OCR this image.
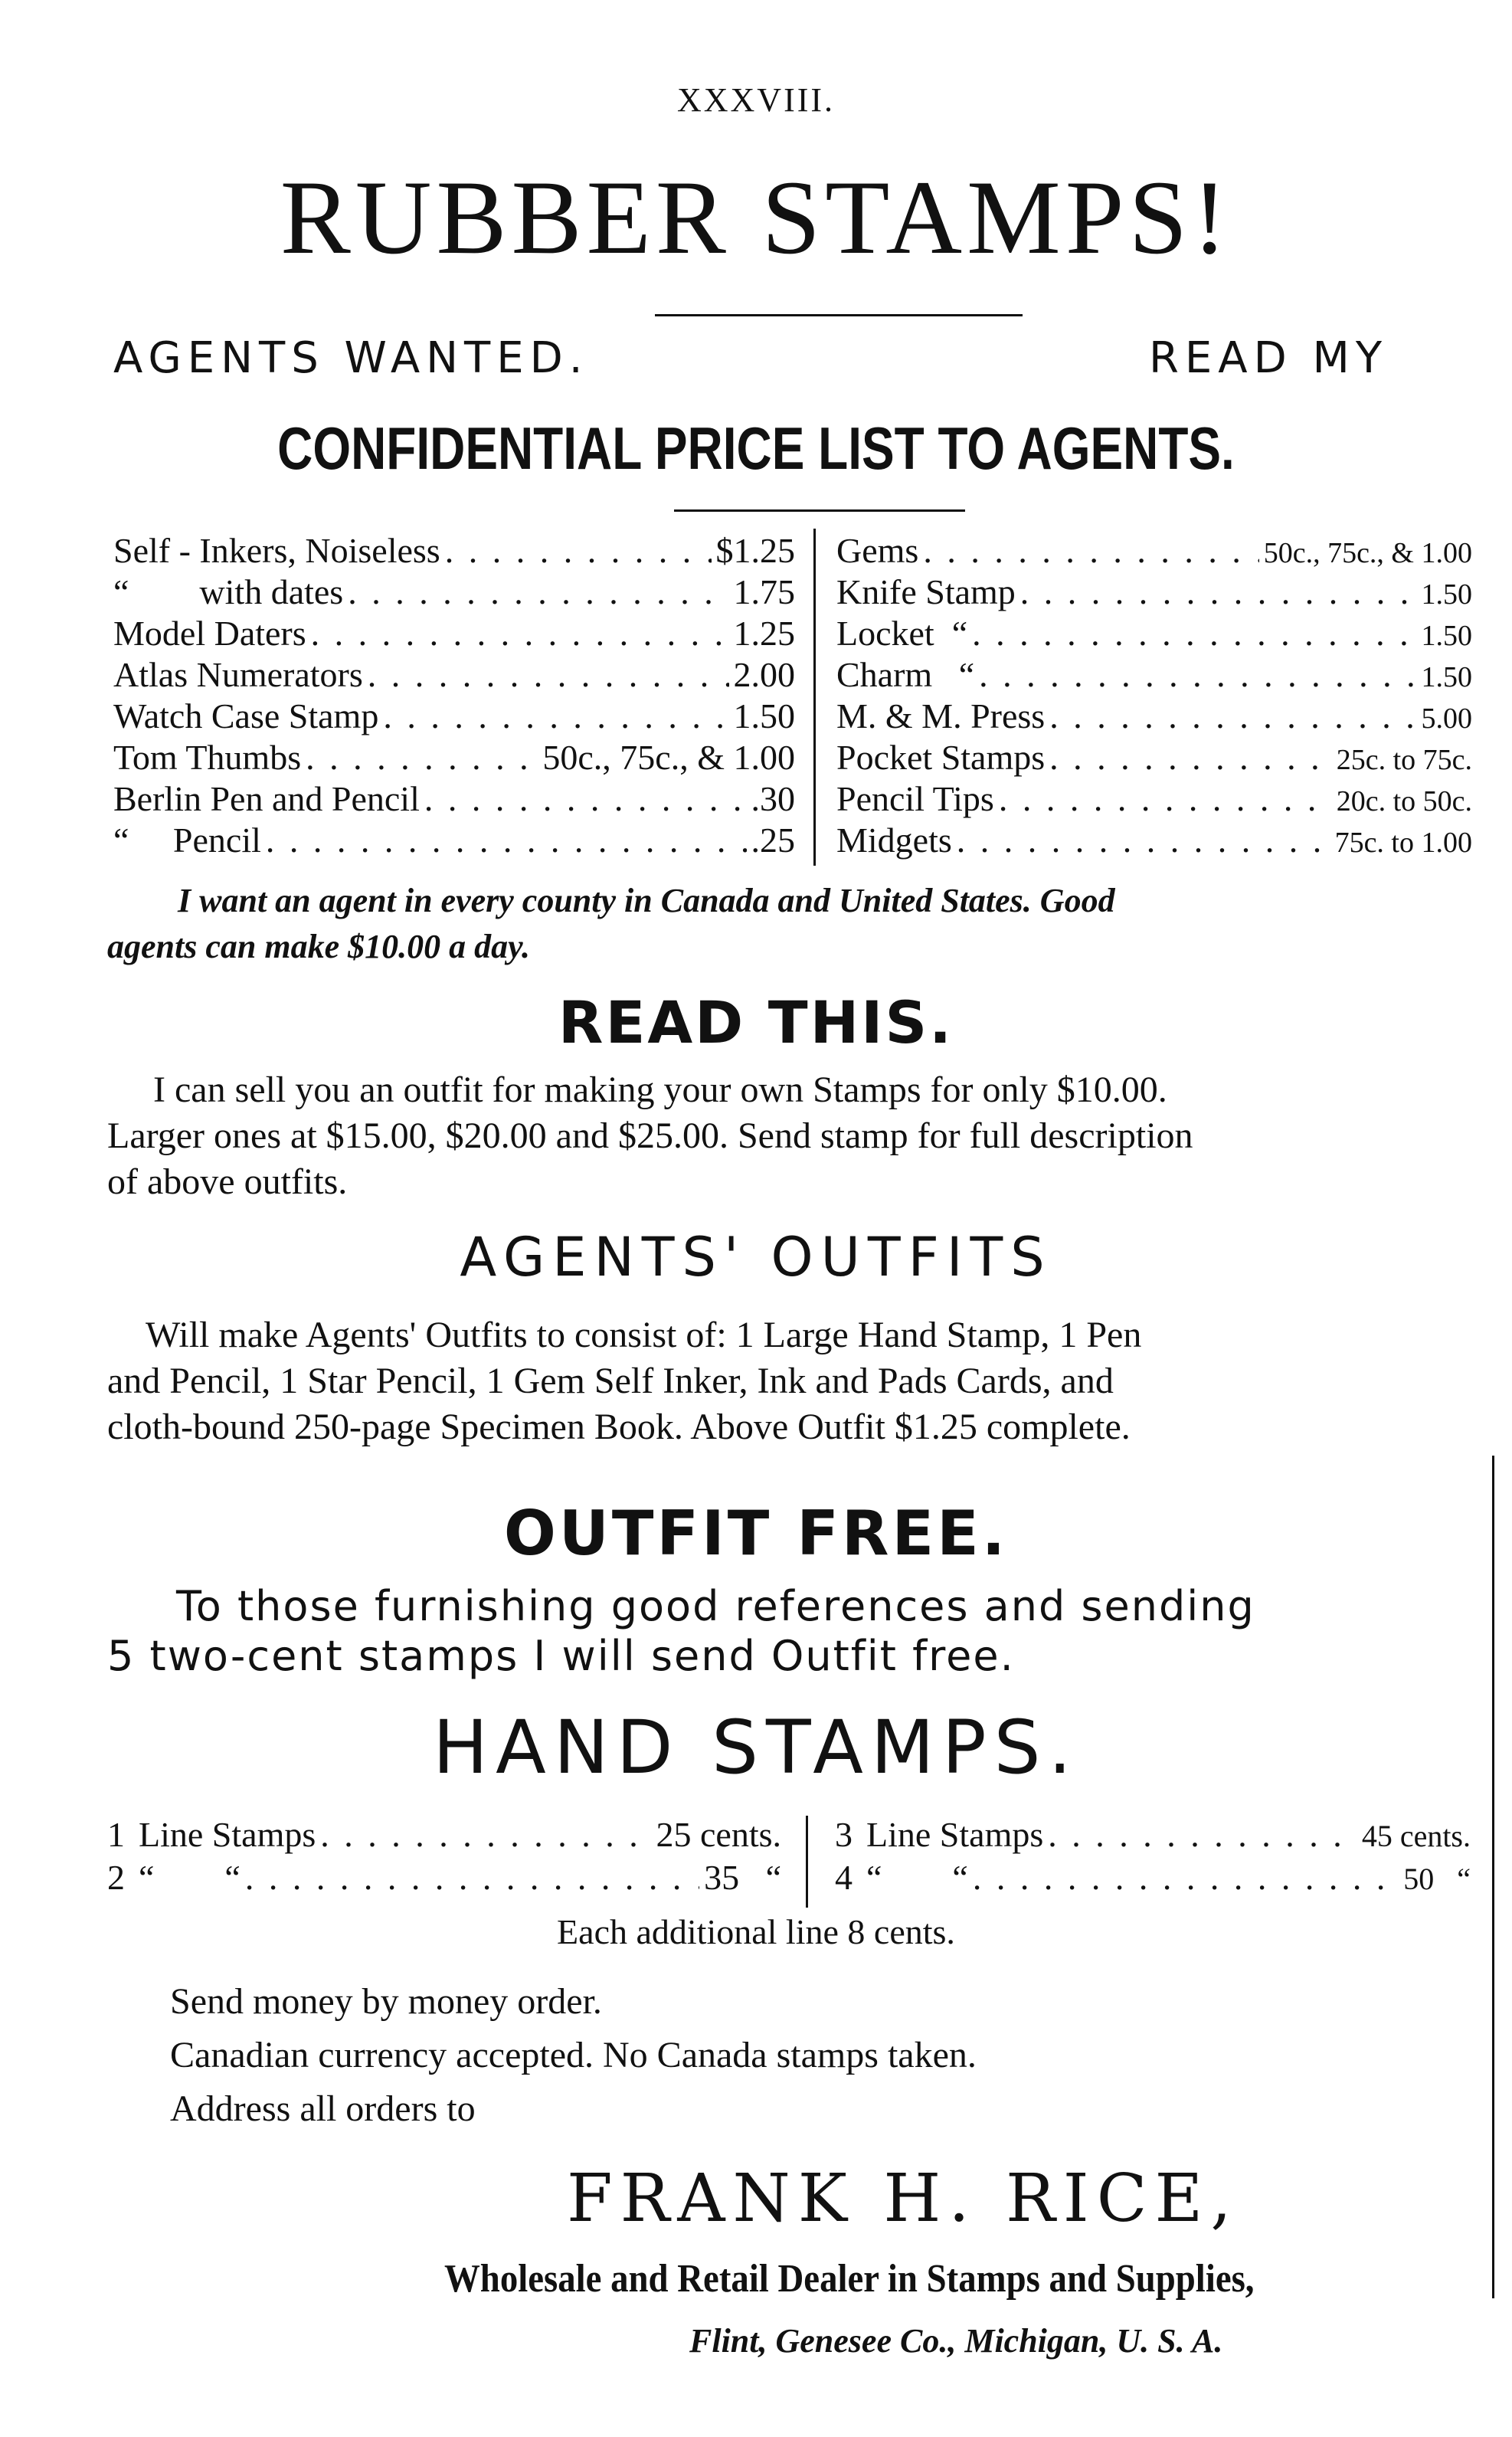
XXXVIII.
RUBBER STAMPS!
AGENTS WANTED.	READ MY
CONFIDENTIAL PRICE LIST TO AGENTS.
Self - Inkers, Noiseless . . .	$1.25
“        with dates . . .	1.75
Model Daters . . .	1.25
Atlas Numerators . . .	2.00
Watch Case Stamp . . .	1.50
Tom Thumbs . . .	50c., 75c., & 1.00
Berlin Pen and Pencil . . .	.30
“     Pencil . . .	.25
Gems . . .	50c., 75c., & 1.00
Knife Stamp . . .	1.50
Locket  “ . . .	1.50
Charm   “ . . .	1.50
M. & M. Press . . .	5.00
Pocket Stamps . . .	25c. to 75c.
Pencil Tips . . .	20c. to 50c.
Midgets . . .	75c. to 1.00
I want an agent in every county in Canada and United States. Good
agents can make $10.00 a day.
READ THIS.
I can sell you an outfit for making your own Stamps for only $10.00.
Larger ones at $15.00, $20.00 and $25.00. Send stamp for full description
of above outfits.
AGENTS' OUTFITS
Will make Agents' Outfits to consist of: 1 Large Hand Stamp, 1 Pen
and Pencil, 1 Star Pencil, 1 Gem Self Inker, Ink and Pads Cards, and
cloth-bound 250-page Specimen Book. Above Outfit $1.25 complete.
OUTFIT FREE.
To those furnishing good references and sending
5 two-cent stamps I will send Outfit free.
HAND STAMPS.
1 Line Stamps . . .	25 cents.
2 “        “ . . .	35   “
3 Line Stamps . . .	45 cents.
4 “        “ . . .	50   “
Each additional line 8 cents.
Send money by money order.
Canadian currency accepted. No Canada stamps taken.
Address all orders to
FRANK H. RICE,
Wholesale and Retail Dealer in Stamps and Supplies,
Flint, Genesee Co., Michigan, U. S. A.
